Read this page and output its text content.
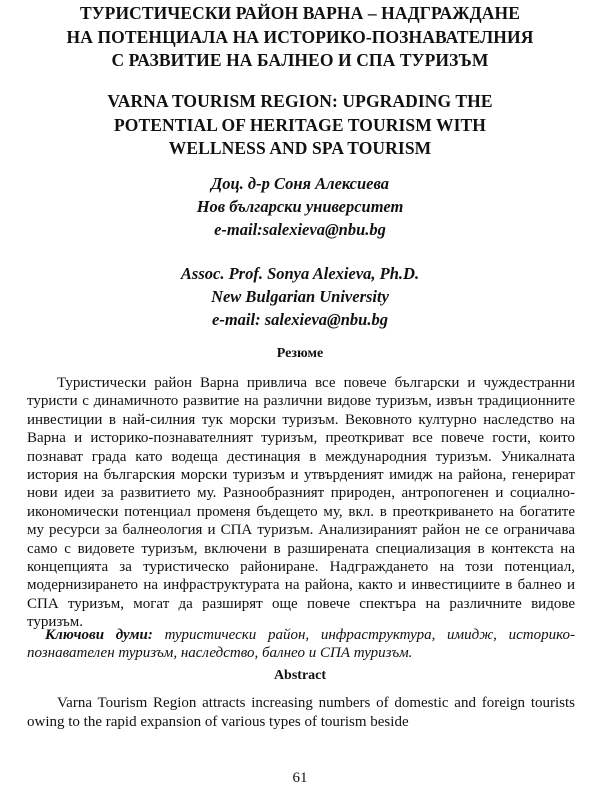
ТУРИСТИЧЕСКИ РАЙОН ВАРНА – НАДГРАЖДАНЕ
НА ПОТЕНЦИАЛА НА ИСТОРИКО-ПОЗНАВАТЕЛНИЯ
С РАЗВИТИЕ НА БАЛНЕО И СПА ТУРИЗЪМ
VARNA TOURISM REGION: UPGRADING THE
POTENTIAL OF HERITAGE TOURISM WITH
WELLNESS AND SPA TOURISM
Доц. д-р Соня Алексиева
Нов български университет
e-mail:salexieva@nbu.bg
Assoc. Prof. Sonya Alexieva, Ph.D.
New Bulgarian University
e-mail: salexieva@nbu.bg
Резюме

Туристически район Варна привлича все повече български и чуждестранни туристи с динамичното развитие на различни видове туризъм, извън традиционните инвестиции в най-силния тук морски туризъм. Вековното културно наследство на Варна и историко-познавателният туризъм, преоткриват все повече гости, които познават града като водеща дестинация в международния туризъм. Уникалната история на българския морски туризъм и утвърденият имидж на района, генерират нови идеи за развитието му. Разнообразният природен, антропогенен и социално-икономически потенциал променя бъдещето му, вкл. в преоткриването на богатите му ресурси за балнеология и СПА туризъм. Анализираният район не се ограничава само с видовете туризъм, включени в разширената специализация в контекста на концепцията за туристическо райониране. Надграждането на този потенциал, модернизирането на инфраструктурата на района, както и инвестициите в балнео и СПА туризъм, могат да разширят още повече спектъра на различните видове туризъм.

Ключови думи: туристически район, инфраструктура, имидж, историко-познавателен туризъм, наследство, балнео и СПА туризъм.

Abstract

Varna Tourism Region attracts increasing numbers of domestic and foreign tourists owing to the rapid expansion of various types of tourism beside

61
